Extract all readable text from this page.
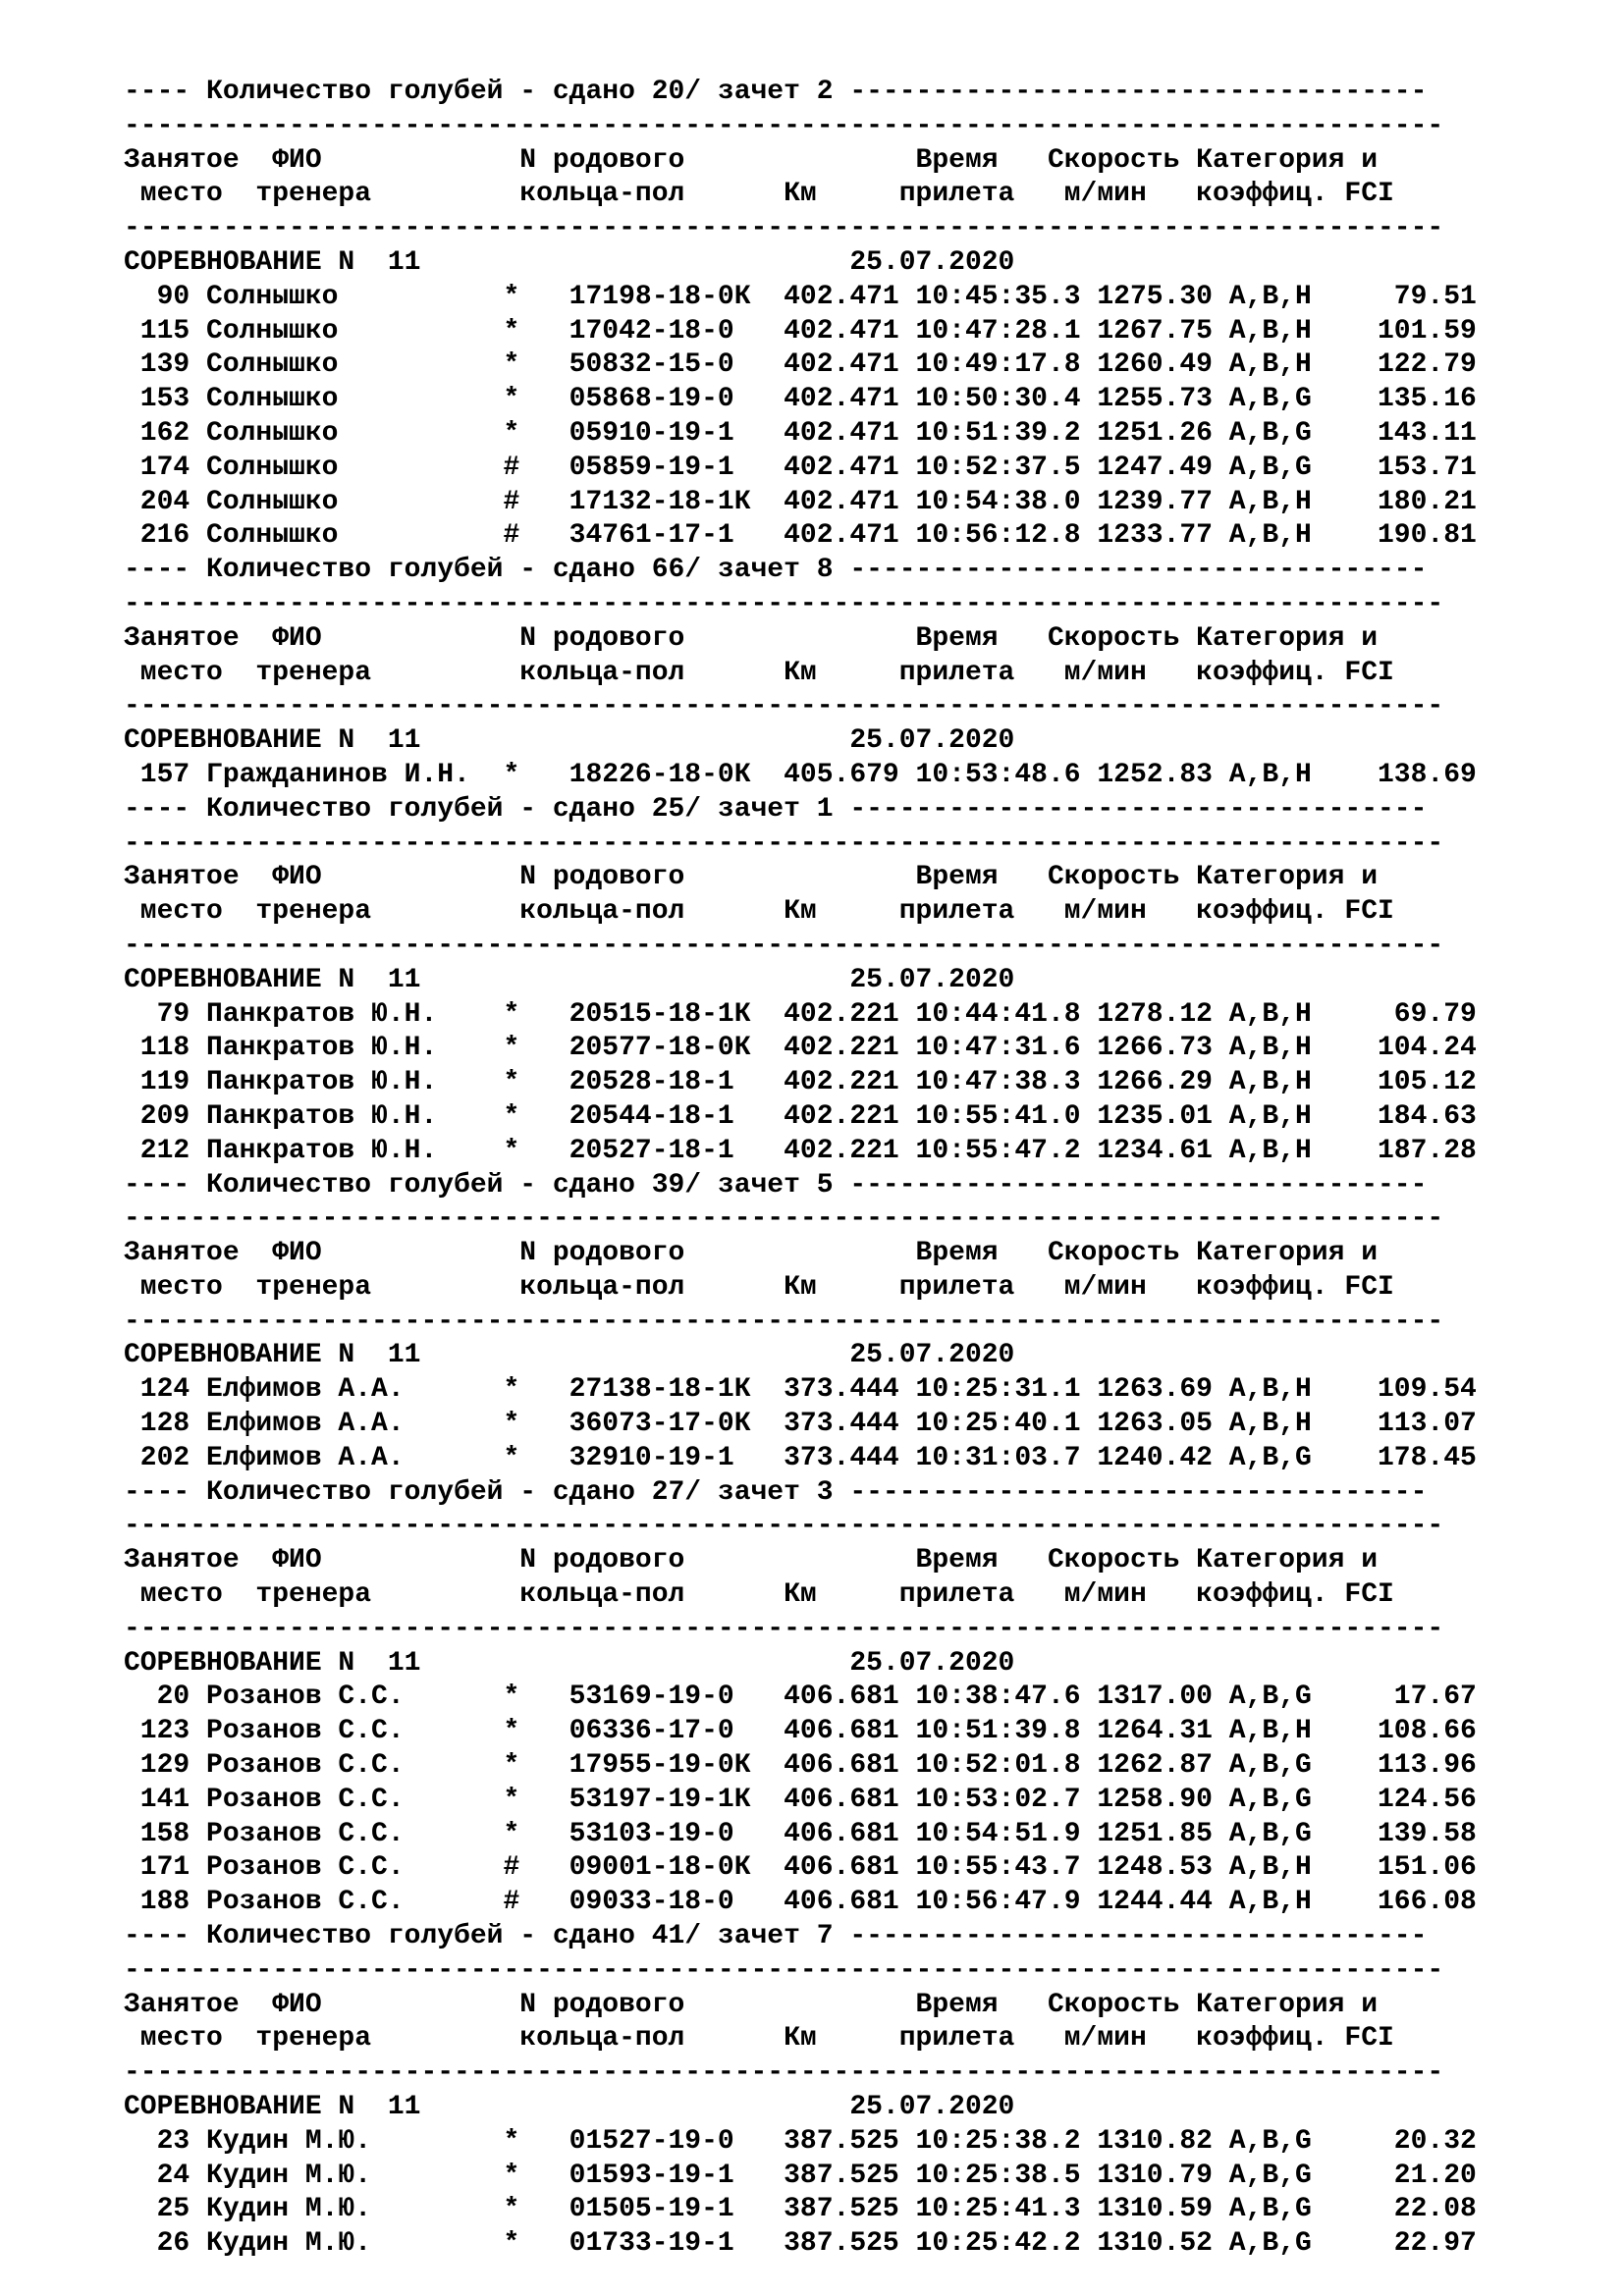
---- Количество голубей - сдано 20/ зачет 2 -----------------------------------
--------------------------------------------------------------------------------
Занятое  ФИО            N родового              Время   Скорость Категория и
место  тренера         кольца-пол      Км     прилета   м/мин   коэффиц. FCI
--------------------------------------------------------------------------------
СОРЕВНОВАНИЕ N  11                          25.07.2020
90 Солнышко          *   17198-18-0К  402.471 10:45:35.3 1275.30 A,B,H     79.51
115 Солнышко          *   17042-18-0   402.471 10:47:28.1 1267.75 A,B,H    101.59
139 Солнышко          *   50832-15-0   402.471 10:49:17.8 1260.49 A,B,H    122.79
153 Солнышко          *   05868-19-0   402.471 10:50:30.4 1255.73 A,B,G    135.16
162 Солнышко          *   05910-19-1   402.471 10:51:39.2 1251.26 A,B,G    143.11
174 Солнышко          #   05859-19-1   402.471 10:52:37.5 1247.49 A,B,G    153.71
204 Солнышко          #   17132-18-1К  402.471 10:54:38.0 1239.77 A,B,H    180.21
216 Солнышко          #   34761-17-1   402.471 10:56:12.8 1233.77 A,B,H    190.81
---- Количество голубей - сдано 66/ зачет 8 -----------------------------------
--------------------------------------------------------------------------------
Занятое  ФИО            N родового              Время   Скорость Категория и
место  тренера         кольца-пол      Км     прилета   м/мин   коэффиц. FCI
--------------------------------------------------------------------------------
СОРЕВНОВАНИЕ N  11                          25.07.2020
157 Гражданинов И.Н.  *   18226-18-0К  405.679 10:53:48.6 1252.83 A,B,H    138.69
---- Количество голубей - сдано 25/ зачет 1 -----------------------------------
--------------------------------------------------------------------------------
Занятое  ФИО            N родового              Время   Скорость Категория и
место  тренера         кольца-пол      Км     прилета   м/мин   коэффиц. FCI
--------------------------------------------------------------------------------
СОРЕВНОВАНИЕ N  11                          25.07.2020
79 Панкратов Ю.Н.    *   20515-18-1К  402.221 10:44:41.8 1278.12 A,B,H     69.79
118 Панкратов Ю.Н.    *   20577-18-0К  402.221 10:47:31.6 1266.73 A,B,H    104.24
119 Панкратов Ю.Н.    *   20528-18-1   402.221 10:47:38.3 1266.29 A,B,H    105.12
209 Панкратов Ю.Н.    *   20544-18-1   402.221 10:55:41.0 1235.01 A,B,H    184.63
212 Панкратов Ю.Н.    *   20527-18-1   402.221 10:55:47.2 1234.61 A,B,H    187.28
---- Количество голубей - сдано 39/ зачет 5 -----------------------------------
--------------------------------------------------------------------------------
Занятое  ФИО            N родового              Время   Скорость Категория и
место  тренера         кольца-пол      Км     прилета   м/мин   коэффиц. FCI
--------------------------------------------------------------------------------
СОРЕВНОВАНИЕ N  11                          25.07.2020
124 Елфимов А.А.      *   27138-18-1К  373.444 10:25:31.1 1263.69 A,B,H    109.54
128 Елфимов А.А.      *   36073-17-0К  373.444 10:25:40.1 1263.05 A,B,H    113.07
202 Елфимов А.А.      *   32910-19-1   373.444 10:31:03.7 1240.42 A,B,G    178.45
---- Количество голубей - сдано 27/ зачет 3 -----------------------------------
--------------------------------------------------------------------------------
Занятое  ФИО            N родового              Время   Скорость Категория и
место  тренера         кольца-пол      Км     прилета   м/мин   коэффиц. FCI
--------------------------------------------------------------------------------
СОРЕВНОВАНИЕ N  11                          25.07.2020
20 Розанов С.С.      *   53169-19-0   406.681 10:38:47.6 1317.00 A,B,G     17.67
123 Розанов С.С.      *   06336-17-0   406.681 10:51:39.8 1264.31 A,B,H    108.66
129 Розанов С.С.      *   17955-19-0К  406.681 10:52:01.8 1262.87 A,B,G    113.96
141 Розанов С.С.      *   53197-19-1К  406.681 10:53:02.7 1258.90 A,B,G    124.56
158 Розанов С.С.      *   53103-19-0   406.681 10:54:51.9 1251.85 A,B,G    139.58
171 Розанов С.С.      #   09001-18-0К  406.681 10:55:43.7 1248.53 A,B,H    151.06
188 Розанов С.С.      #   09033-18-0   406.681 10:56:47.9 1244.44 A,B,H    166.08
---- Количество голубей - сдано 41/ зачет 7 -----------------------------------
--------------------------------------------------------------------------------
Занятое  ФИО            N родового              Время   Скорость Категория и
место  тренера         кольца-пол      Км     прилета   м/мин   коэффиц. FCI
--------------------------------------------------------------------------------
СОРЕВНОВАНИЕ N  11                          25.07.2020
23 Кудин М.Ю.        *   01527-19-0   387.525 10:25:38.2 1310.82 A,B,G     20.32
24 Кудин М.Ю.        *   01593-19-1   387.525 10:25:38.5 1310.79 A,B,G     21.20
25 Кудин М.Ю.        *   01505-19-1   387.525 10:25:41.3 1310.59 A,B,G     22.08
26 Кудин М.Ю.        *   01733-19-1   387.525 10:25:42.2 1310.52 A,B,G     22.97
